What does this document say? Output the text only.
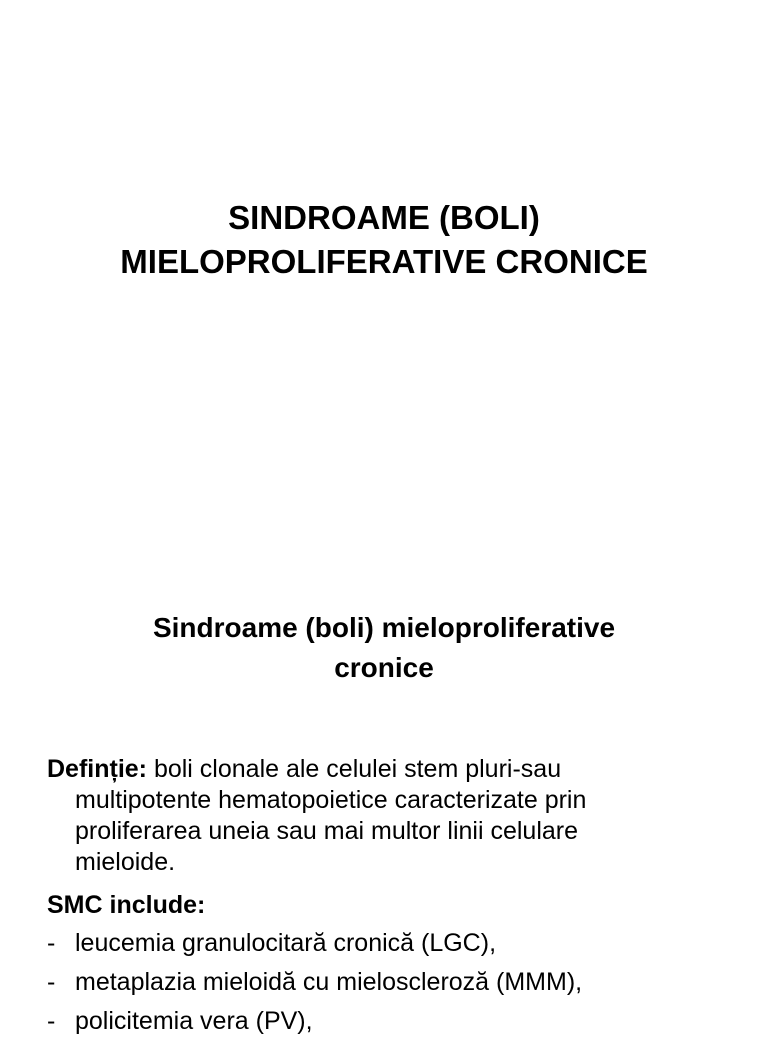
SINDROAME (BOLI)
MIELOPROLIFERATIVE CRONICE
Sindroame (boli) mieloproliferative
cronice
Definție: boli clonale ale celulei stem pluri-sau
multipotente hematopoietice caracterizate prin
proliferarea uneia sau mai multor linii celulare
mieloide.
SMC include:
- leucemia granulocitară cronică (LGC),
- metaplazia mieloidă cu mieloscleroză (MMM),
- policitemia vera (PV),
